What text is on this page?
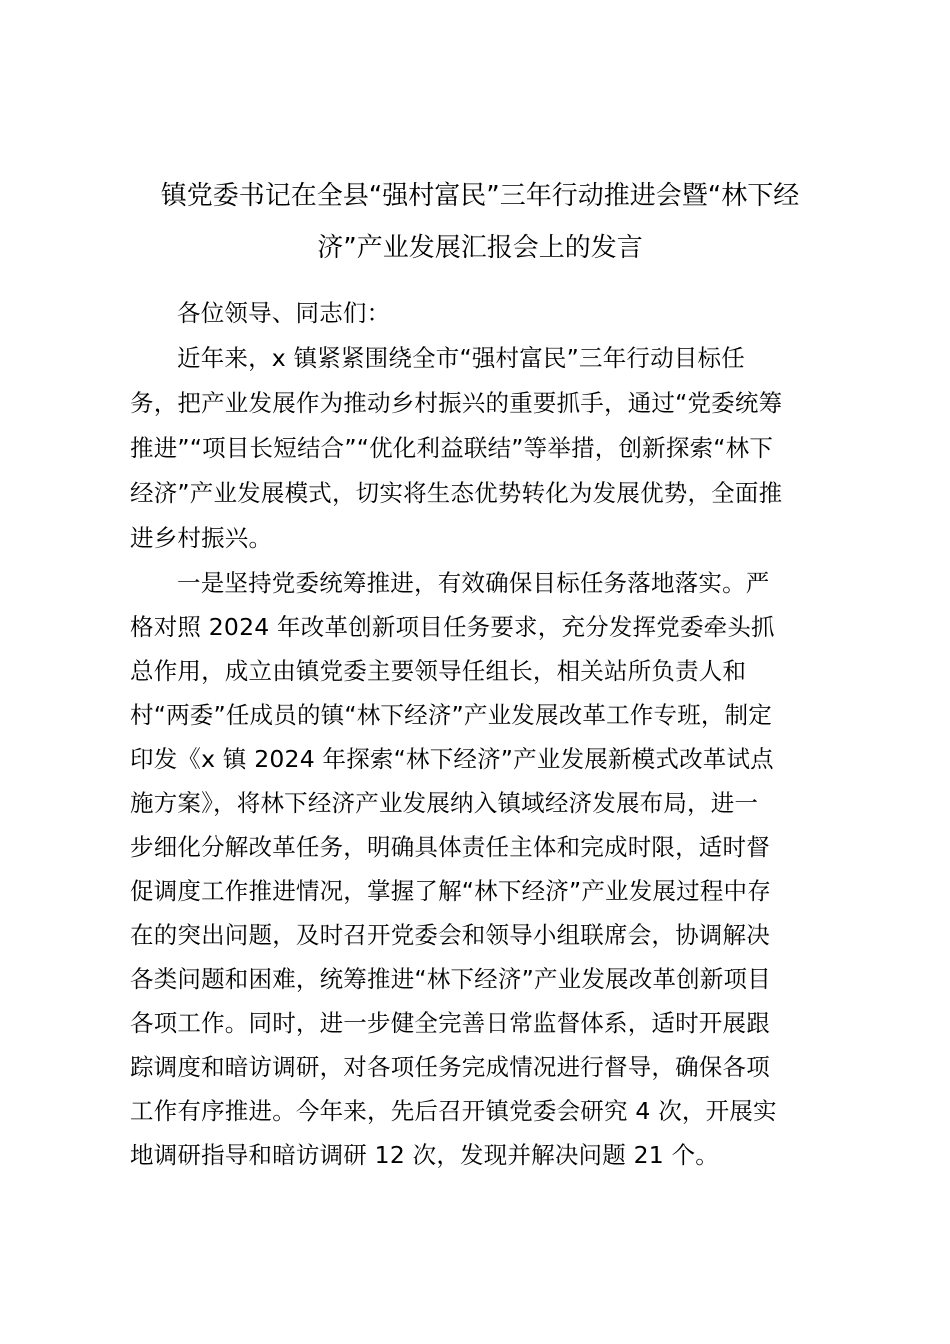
镇党委书记在全县“强村富民”三年行动推进会暨“林下经
济”产业发展汇报会上的发言
各位领导、同志们：
近年来，x 镇紧紧围绕全市“强村富民”三年行动目标任
务，把产业发展作为推动乡村振兴的重要抓手，通过“党委统筹
推进”“项目长短结合”“优化利益联结”等举措，创新探索“林下
经济”产业发展模式，切实将生态优势转化为发展优势，全面推
进乡村振兴。
一是坚持党委统筹推进，有效确保目标任务落地落实。严
格对照 2024 年改革创新项目任务要求，充分发挥党委牵头抓
总作用，成立由镇党委主要领导任组长，相关站所负责人和
村“两委”任成员的镇“林下经济”产业发展改革工作专班，制定
印发《x 镇 2024 年探索“林下经济”产业发展新模式改革试点
施方案》，将林下经济产业发展纳入镇域经济发展布局，进一
步细化分解改革任务，明确具体责任主体和完成时限，适时督
促调度工作推进情况，掌握了解“林下经济”产业发展过程中存
在的突出问题，及时召开党委会和领导小组联席会，协调解决
各类问题和困难，统筹推进“林下经济”产业发展改革创新项目
各项工作。同时，进一步健全完善日常监督体系，适时开展跟
踪调度和暗访调研，对各项任务完成情况进行督导，确保各项
工作有序推进。今年来，先后召开镇党委会研究 4 次，开展实
地调研指导和暗访调研 12 次，发现并解决问题 21 个。
